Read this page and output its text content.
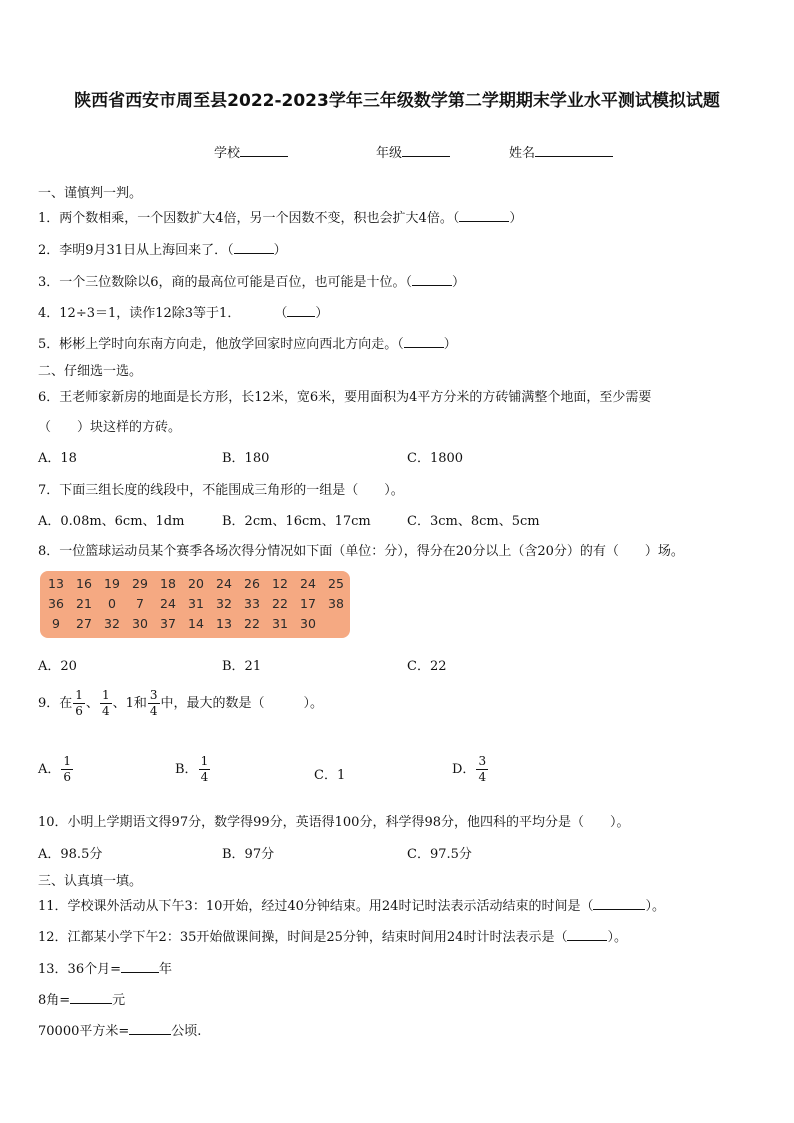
陕西省西安市周至县2022-2023学年三年级数学第二学期期末学业水平测试模拟试题
学校	年级	姓名
一、谨慎判一判。
1．两个数相乘，一个因数扩大4倍，另一个因数不变，积也会扩大4倍。（	）
2．李明9月31日从上海回来了．（	）
3．一个三位数除以6，商的最高位可能是百位，也可能是十位。（	）
4．12÷3＝1，读作12除3等于1．	（ ）
5．彬彬上学时向东南方向走，他放学回家时应向西北方向走。（	）
二、仔细选一选。
6．王老师家新房的地面是长方形，长12米，宽6米，要用面积为4平方分米的方砖铺满整个地面，至少需要
（　　）块这样的方砖。
A．18	B．180	C．1800
7．下面三组长度的线段中，不能围成三角形的一组是（　　）。
A．0.08m、6cm、1dm	B．2cm、16cm、17cm	C．3cm、8cm、5cm
8．一位篮球运动员某个赛季各场次得分情况如下面（单位：分），得分在20分以上（含20分）的有（　　）场。
13 16 19 29 18 20 24 26 12 24 25
36 21	0	7	24 31 32 33 22 17 38
9	27 32 30 37 14 13 22 31 30
A．20	B．21	C．22
9．在 $\frac{1}{6}$ 、 $\frac{1}{4}$ 、1和 $\frac{3}{4}$ 中，最大的数是（　　　）。
A． $\frac{1}{6}$	B． $\frac{1}{4}$	C．1	D． $\frac{3}{4}$
10．小明上学期语文得97分，数学得99分，英语得100分，科学得98分，他四科的平均分是（　　）。
A．98.5分	B．97分	C．97.5分
三、认真填一填。
11．学校课外活动从下午3：10开始，经过40分钟结束。用24时记时法表示活动结束的时间是（	）。
12．江都某小学下午2：35开始做课间操，时间是25分钟，结束时间用24时计时法表示是（	）。
13．36个月=	年
8角=	元
70000平方米=	公顷.
